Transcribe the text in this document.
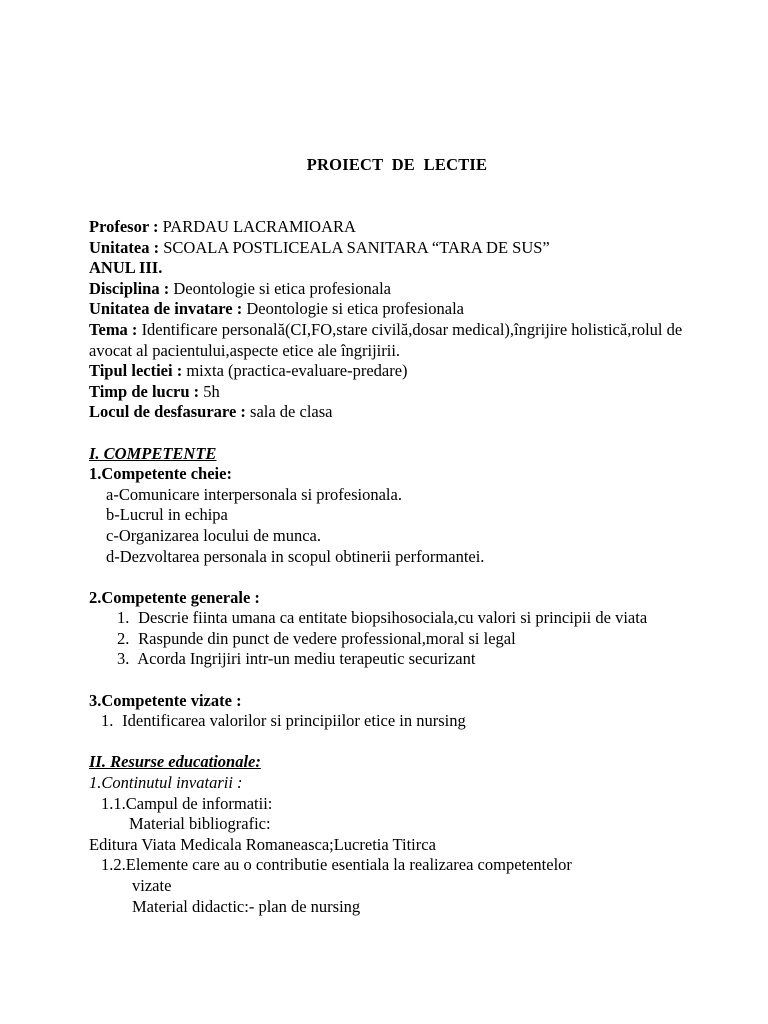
PROIECT  DE  LECTIE
Profesor : PARDAU LACRAMIOARA
Unitatea : SCOALA POSTLICEALA SANITARA “TARA DE SUS”
ANUL III.
Disciplina : Deontologie si etica profesionala
Unitatea de invatare : Deontologie si etica profesionala
Tema : Identificare personală(CI,FO,stare civilă,dosar medical),îngrijire holistică,rolul de avocat al pacientului,aspecte etice ale îngrijirii.
Tipul lectiei : mixta (practica-evaluare-predare)
Timp de lucru : 5h
Locul de desfasurare : sala de clasa
I. COMPETENTE
1.Competente cheie:
a-Comunicare interpersonala si profesionala.
b-Lucrul in echipa
c-Organizarea locului de munca.
d-Dezvoltarea personala in scopul obtinerii performantei.
2.Competente generale :
1. Descrie fiinta umana ca entitate biopsihosociala,cu valori si principii de viata
2. Raspunde din punct de vedere professional,moral si legal
3. Acorda Ingrijiri intr-un mediu terapeutic securizant
3.Competente vizate :
1. Identificarea valorilor si principiilor etice in nursing
II. Resurse educationale:
1.Continutul invatarii :
1.1.Campul de informatii:
Material bibliografic:
Editura Viata Medicala Romaneasca;Lucretia Titirca
1.2.Elemente care au o contributie esentiala la realizarea competentelor
vizate
Material didactic:- plan de nursing
